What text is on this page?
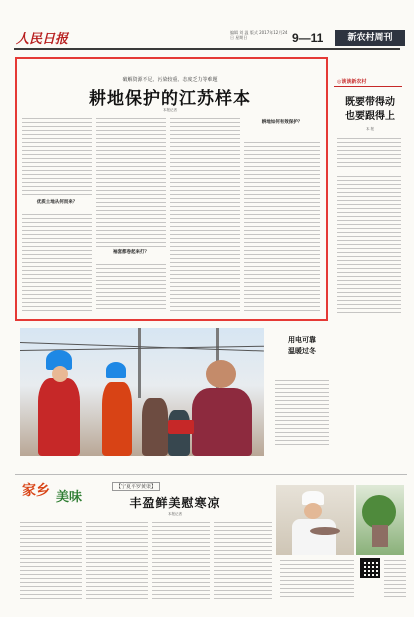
人民日报	编辑 刘 温 版式 2017年12月24日 星期日	9—11	新农村周刊
破解资源不足、污染较重、态度乏力等难题
耕地保护的江苏样本
本报记者
优质土地从何而来？
袖套都卷起来打？
耕地如何有效保护？
◎谈谈新农村
既要带得动
也要跟得上
本 报
用电可靠
温暖过冬
家乡 美味
【宁夏平罗黄渠】
丰盈鲜美慰寒凉
本报记者
